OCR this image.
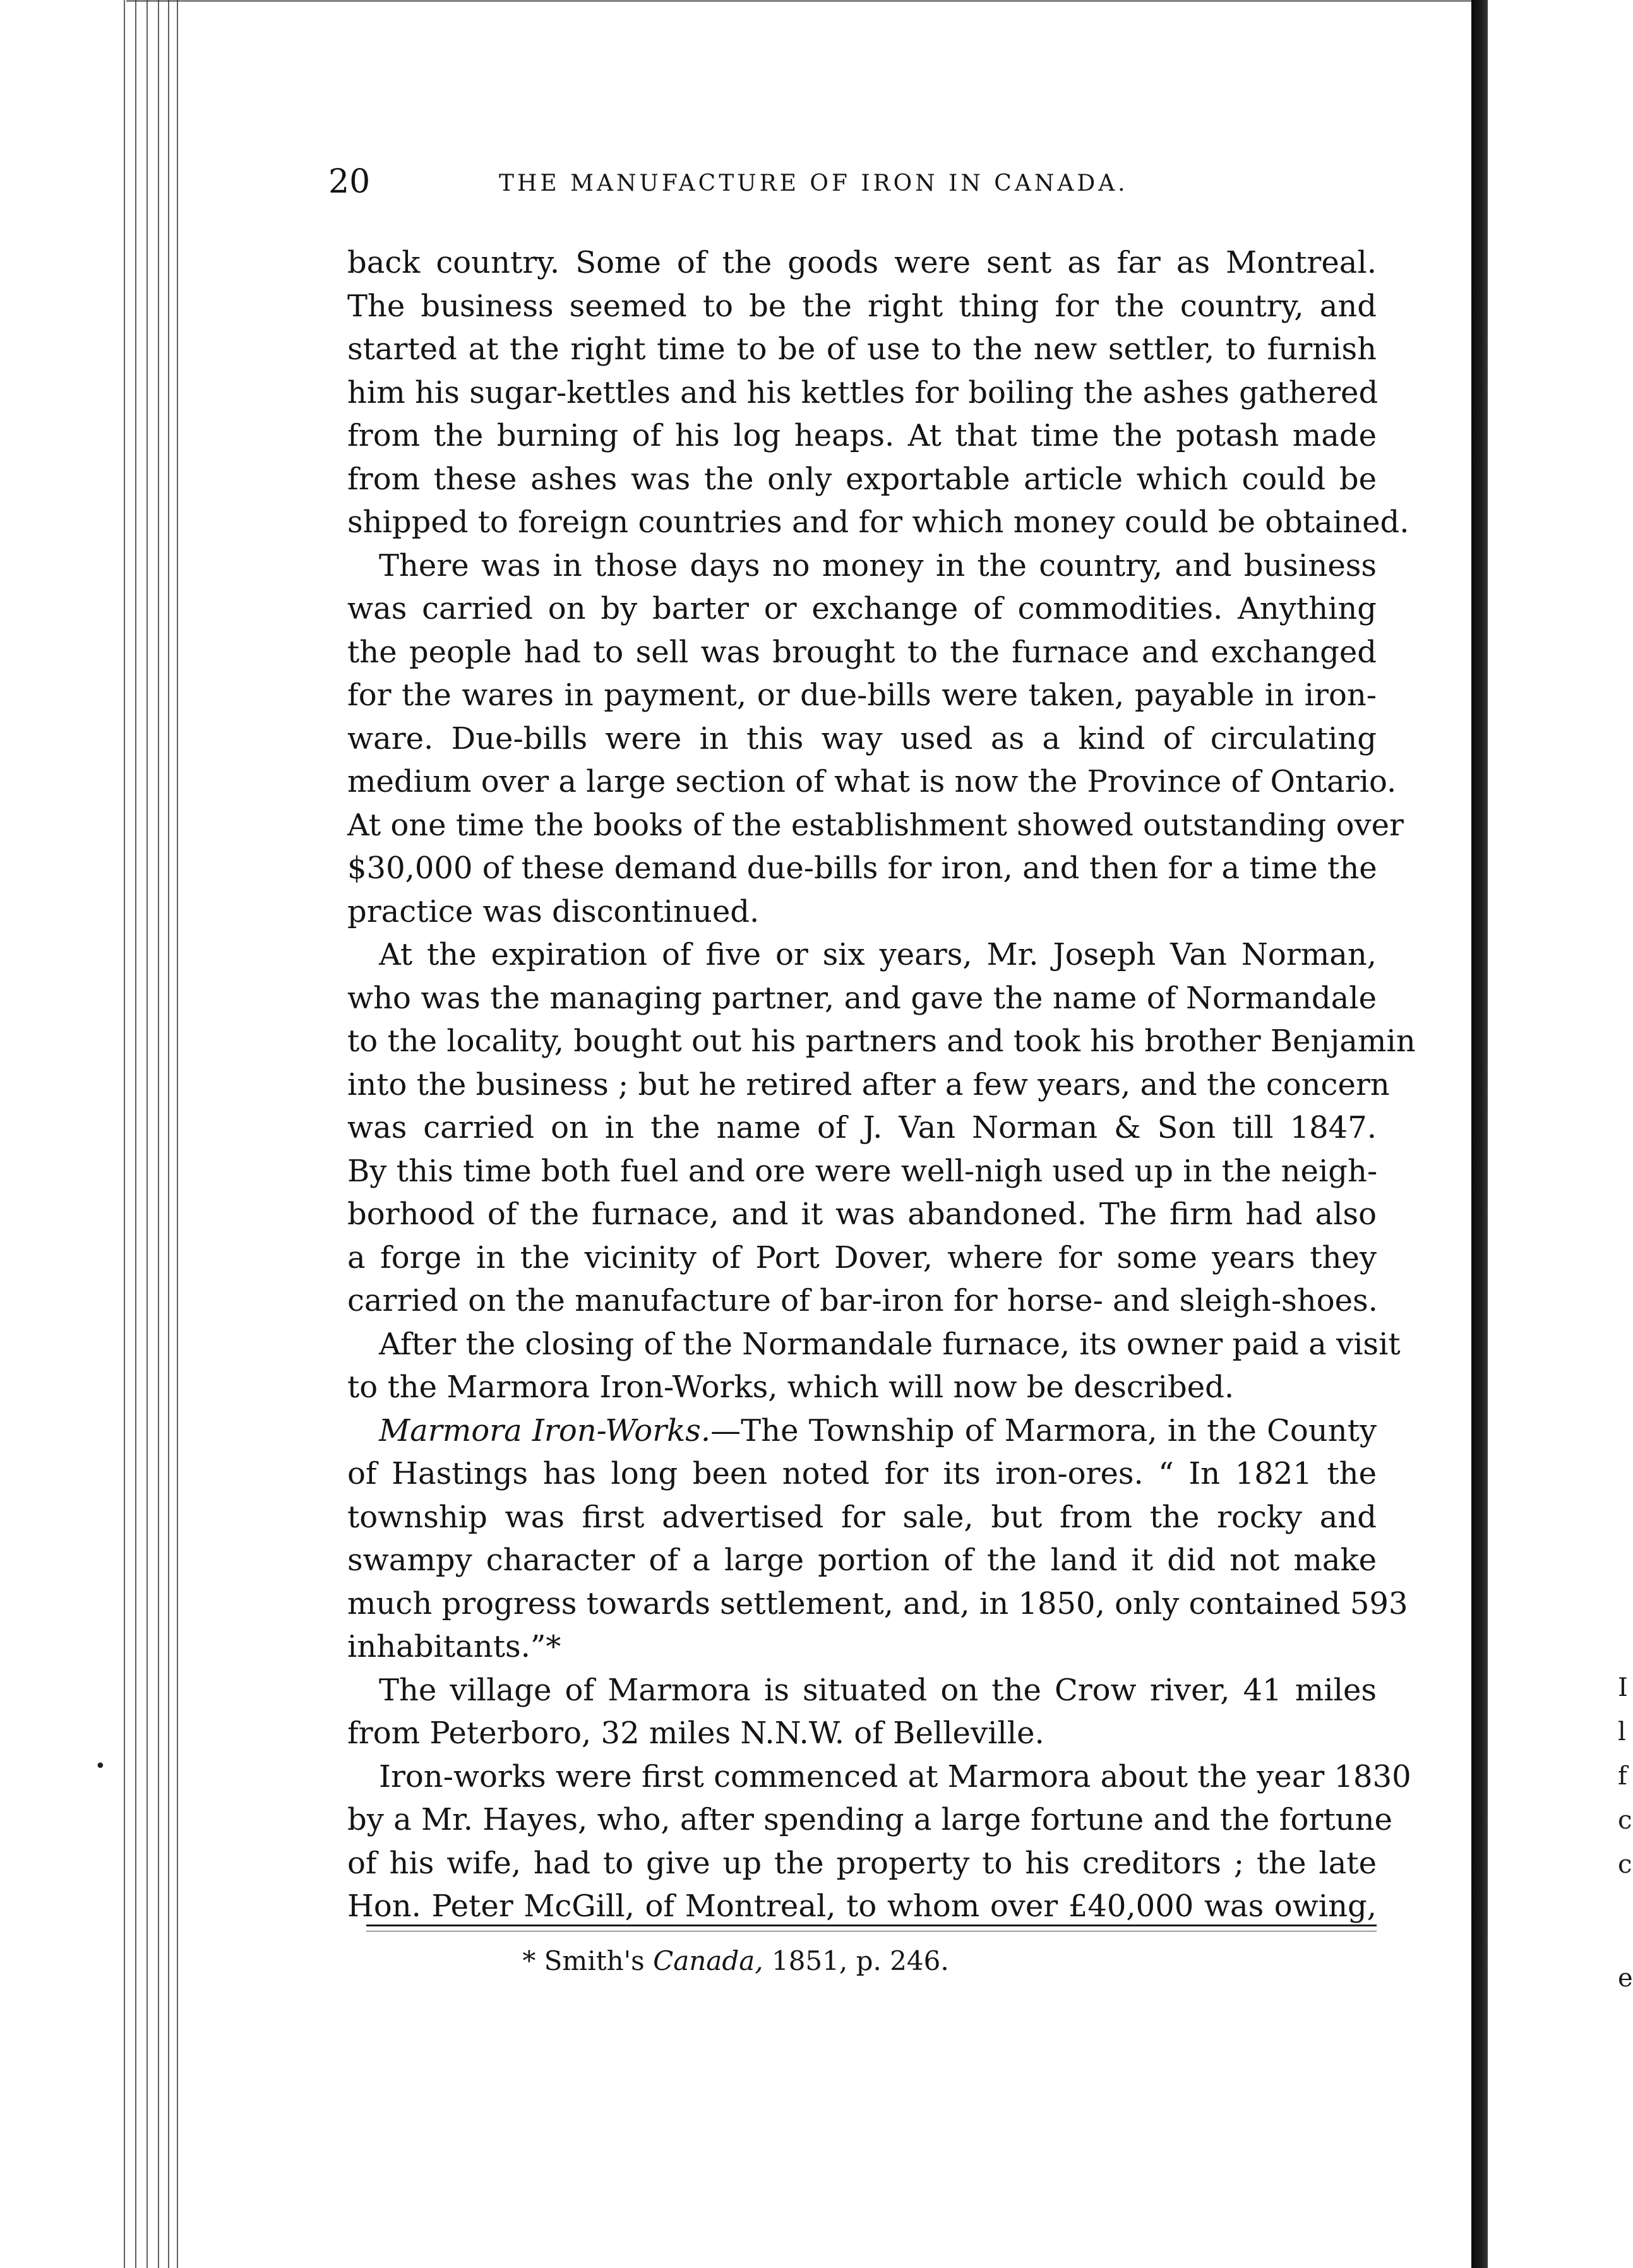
I
l
f
c
c
e
•
20	THE MANUFACTURE OF IRON IN CANADA.
back country. Some of the goods were sent as far as Montreal.
The business seemed to be the right thing for the country, and
started at the right time to be of use to the new settler, to furnish
him his sugar-kettles and his kettles for boiling the ashes gathered
from the burning of his log heaps. At that time the potash made
from these ashes was the only exportable article which could be
shipped to foreign countries and for which money could be obtained.
There was in those days no money in the country, and business
was carried on by barter or exchange of commodities. Anything
the people had to sell was brought to the furnace and exchanged
for the wares in payment, or due-bills were taken, payable in iron-
ware. Due-bills were in this way used as a kind of circulating
medium over a large section of what is now the Province of Ontario.
At one time the books of the establishment showed outstanding over
$30,000 of these demand due-bills for iron, and then for a time the
practice was discontinued.
At the expiration of five or six years, Mr. Joseph Van Norman,
who was the managing partner, and gave the name of Normandale
to the locality, bought out his partners and took his brother Benjamin
into the business ; but he retired after a few years, and the concern
was carried on in the name of J. Van Norman & Son till 1847.
By this time both fuel and ore were well-nigh used up in the neigh-
borhood of the furnace, and it was abandoned. The firm had also
a forge in the vicinity of Port Dover, where for some years they
carried on the manufacture of bar-iron for horse- and sleigh-shoes.
After the closing of the Normandale furnace, its owner paid a visit
to the Marmora Iron-Works, which will now be described.
Marmora Iron-Works.—The Township of Marmora, in the County
of Hastings has long been noted for its iron-ores. “ In 1821 the
township was first advertised for sale, but from the rocky and
swampy character of a large portion of the land it did not make
much progress towards settlement, and, in 1850, only contained 593
inhabitants.”*
The village of Marmora is situated on the Crow river, 41 miles
from Peterboro, 32 miles N.N.W. of Belleville.
Iron-works were first commenced at Marmora about the year 1830
by a Mr. Hayes, who, after spending a large fortune and the fortune
of his wife, had to give up the property to his creditors ; the late
Hon. Peter McGill, of Montreal, to whom over £40,000 was owing,
* Smith's Canada, 1851, p. 246.
